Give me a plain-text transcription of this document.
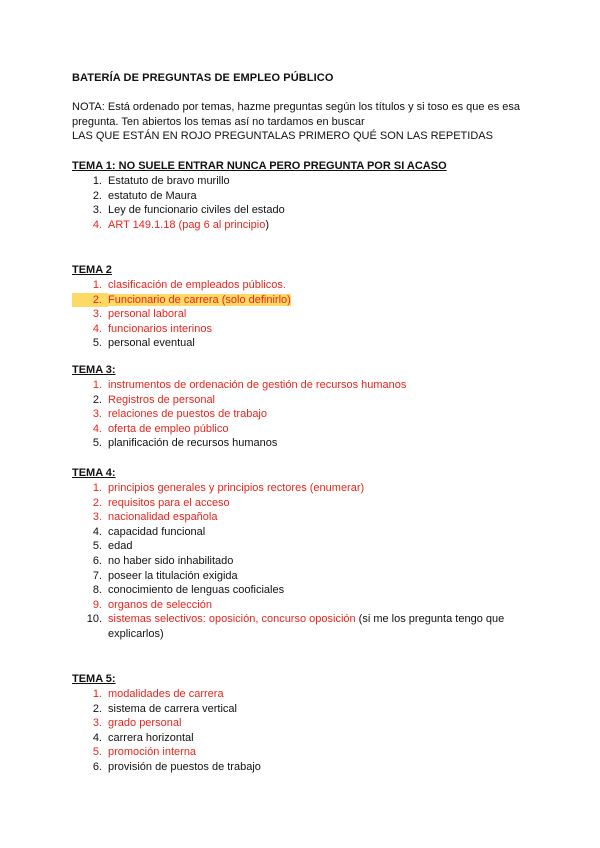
BATERÍA DE PREGUNTAS DE EMPLEO PÚBLICO

NOTA: Está ordenado por temas, hazme preguntas según los títulos y si toso es que es esa

pregunta. Ten abiertos los temas así no tardamos en buscar

LAS QUE ESTÁN EN ROJO PREGUNTALAS PRIMERO QUÉ SON LAS REPETIDAS

TEMA 1: NO SUELE ENTRAR NUNCA PERO PREGUNTA POR SI ACASO
1. Estatuto de bravo murillo
2. estatuto de Maura
3. Ley de funcionario civiles del estado
4. ART 149.1.18 (pag 6 al principio)
TEMA 2
1. clasificación de empleados públicos.
2. Funcionario de carrera (solo definirlo)
3. personal laboral
4. funcionarios interinos
5. personal eventual
TEMA 3:
1. instrumentos de ordenación de gestión de recursos humanos
2. Registros de personal
3. relaciones de puestos de trabajo
4. oferta de empleo público
5. planificación de recursos humanos
TEMA 4:
1. principios generales y principios rectores (enumerar)
2. requisitos para el acceso
3. nacionalidad española
4. capacidad funcional
5. edad
6. no haber sido inhabilitado
7. poseer la titulación exigida
8. conocimiento de lenguas cooficiales
9. organos de selección
10. sistemas selectivos: oposición, concurso oposición (si me los pregunta tengo que
explicarlos)
TEMA 5:
1. modalidades de carrera
2. sistema de carrera vertical
3. grado personal
4. carrera horizontal
5. promoción interna
6. provisión de puestos de trabajo
